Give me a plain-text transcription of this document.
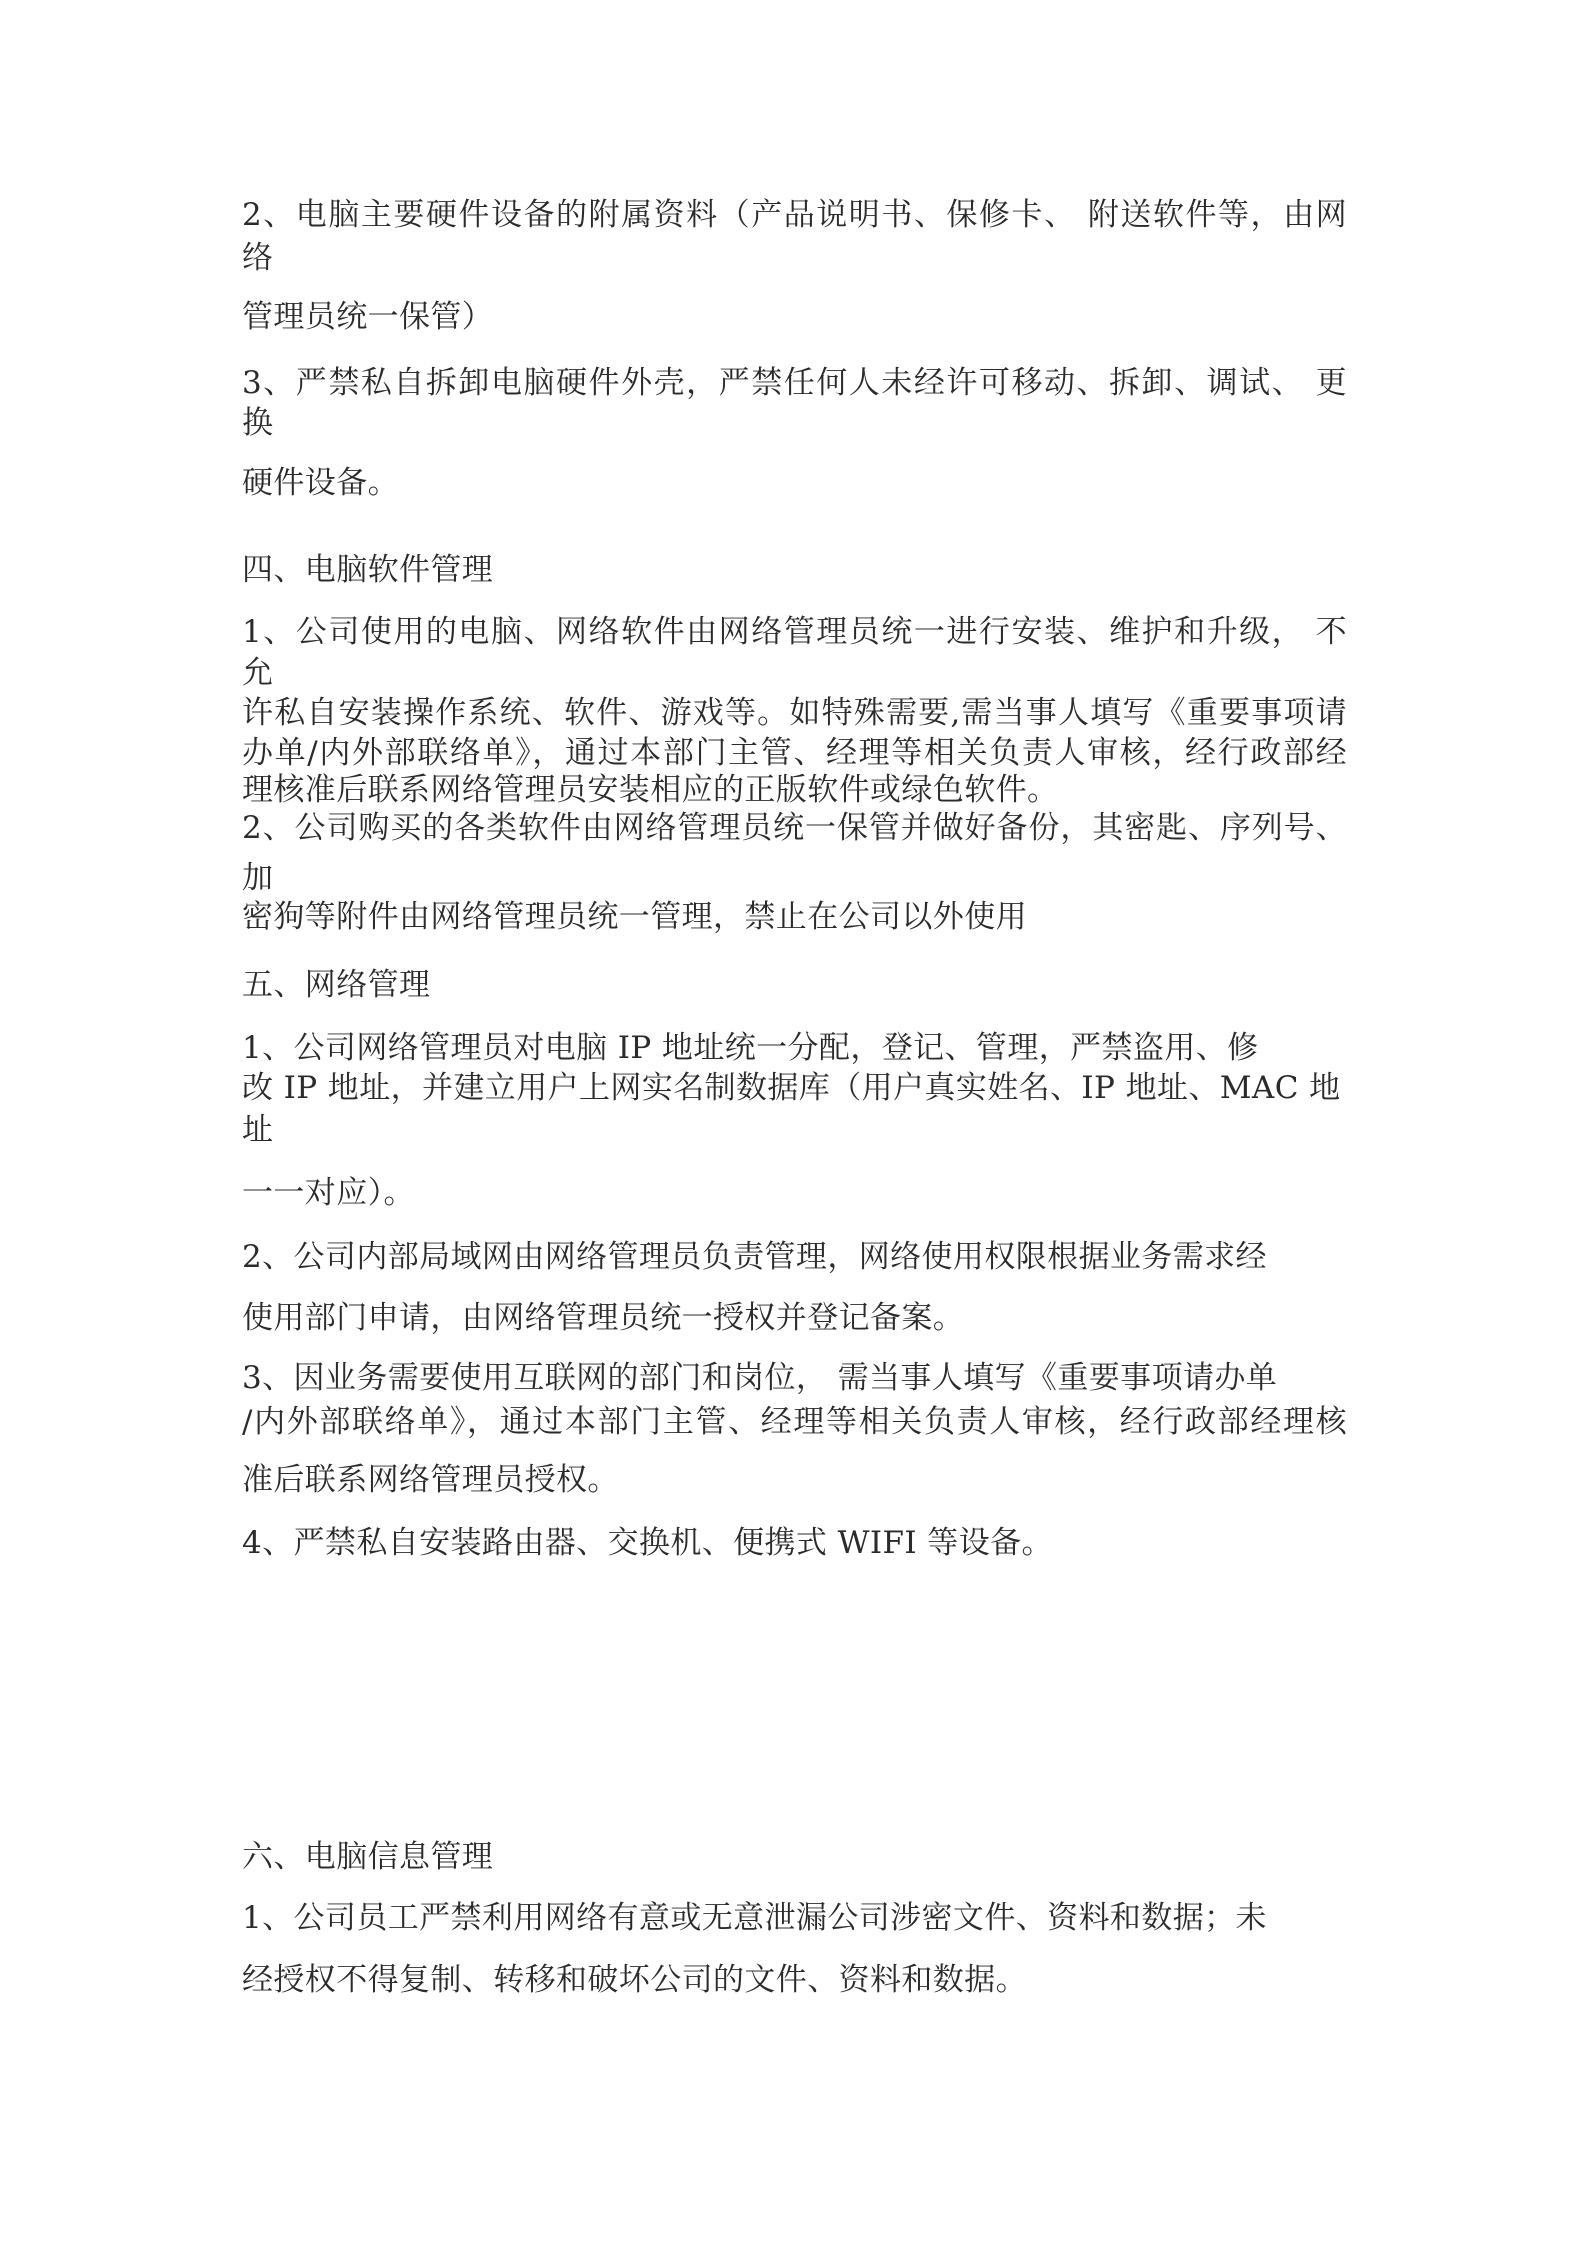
2、电脑主要硬件设备的附属资料（产品说明书、保修卡、 附送软件等，由网
络
管理员统一保管）
3、严禁私自拆卸电脑硬件外壳，严禁任何人未经许可移动、拆卸、调试、 更
换
硬件设备。
四、电脑软件管理
1、公司使用的电脑、网络软件由网络管理员统一进行安装、维护和升级， 不
允
许私自安装操作系统、软件、游戏等。如特殊需要,需当事人填写《重要事项请
办单/内外部联络单》，通过本部门主管、经理等相关负责人审核，经行政部经
理核准后联系网络管理员安装相应的正版软件或绿色软件。
2、公司购买的各类软件由网络管理员统一保管并做好备份，其密匙、序列号、
加
密狗等附件由网络管理员统一管理，禁止在公司以外使用
五、网络管理
1、公司网络管理员对电脑 IP 地址统一分配，登记、管理，严禁盗用、修
改 IP 地址，并建立用户上网实名制数据库（用户真实姓名、IP 地址、MAC 地
址
一一对应）。
2、公司内部局域网由网络管理员负责管理，网络使用权限根据业务需求经
使用部门申请，由网络管理员统一授权并登记备案。
3、因业务需要使用互联网的部门和岗位， 需当事人填写《重要事项请办单
/内外部联络单》，通过本部门主管、经理等相关负责人审核，经行政部经理核
准后联系网络管理员授权。
4、严禁私自安装路由器、交换机、便携式 WIFI 等设备。
六、电脑信息管理
1、公司员工严禁利用网络有意或无意泄漏公司涉密文件、资料和数据；未
经授权不得复制、转移和破坏公司的文件、资料和数据。
